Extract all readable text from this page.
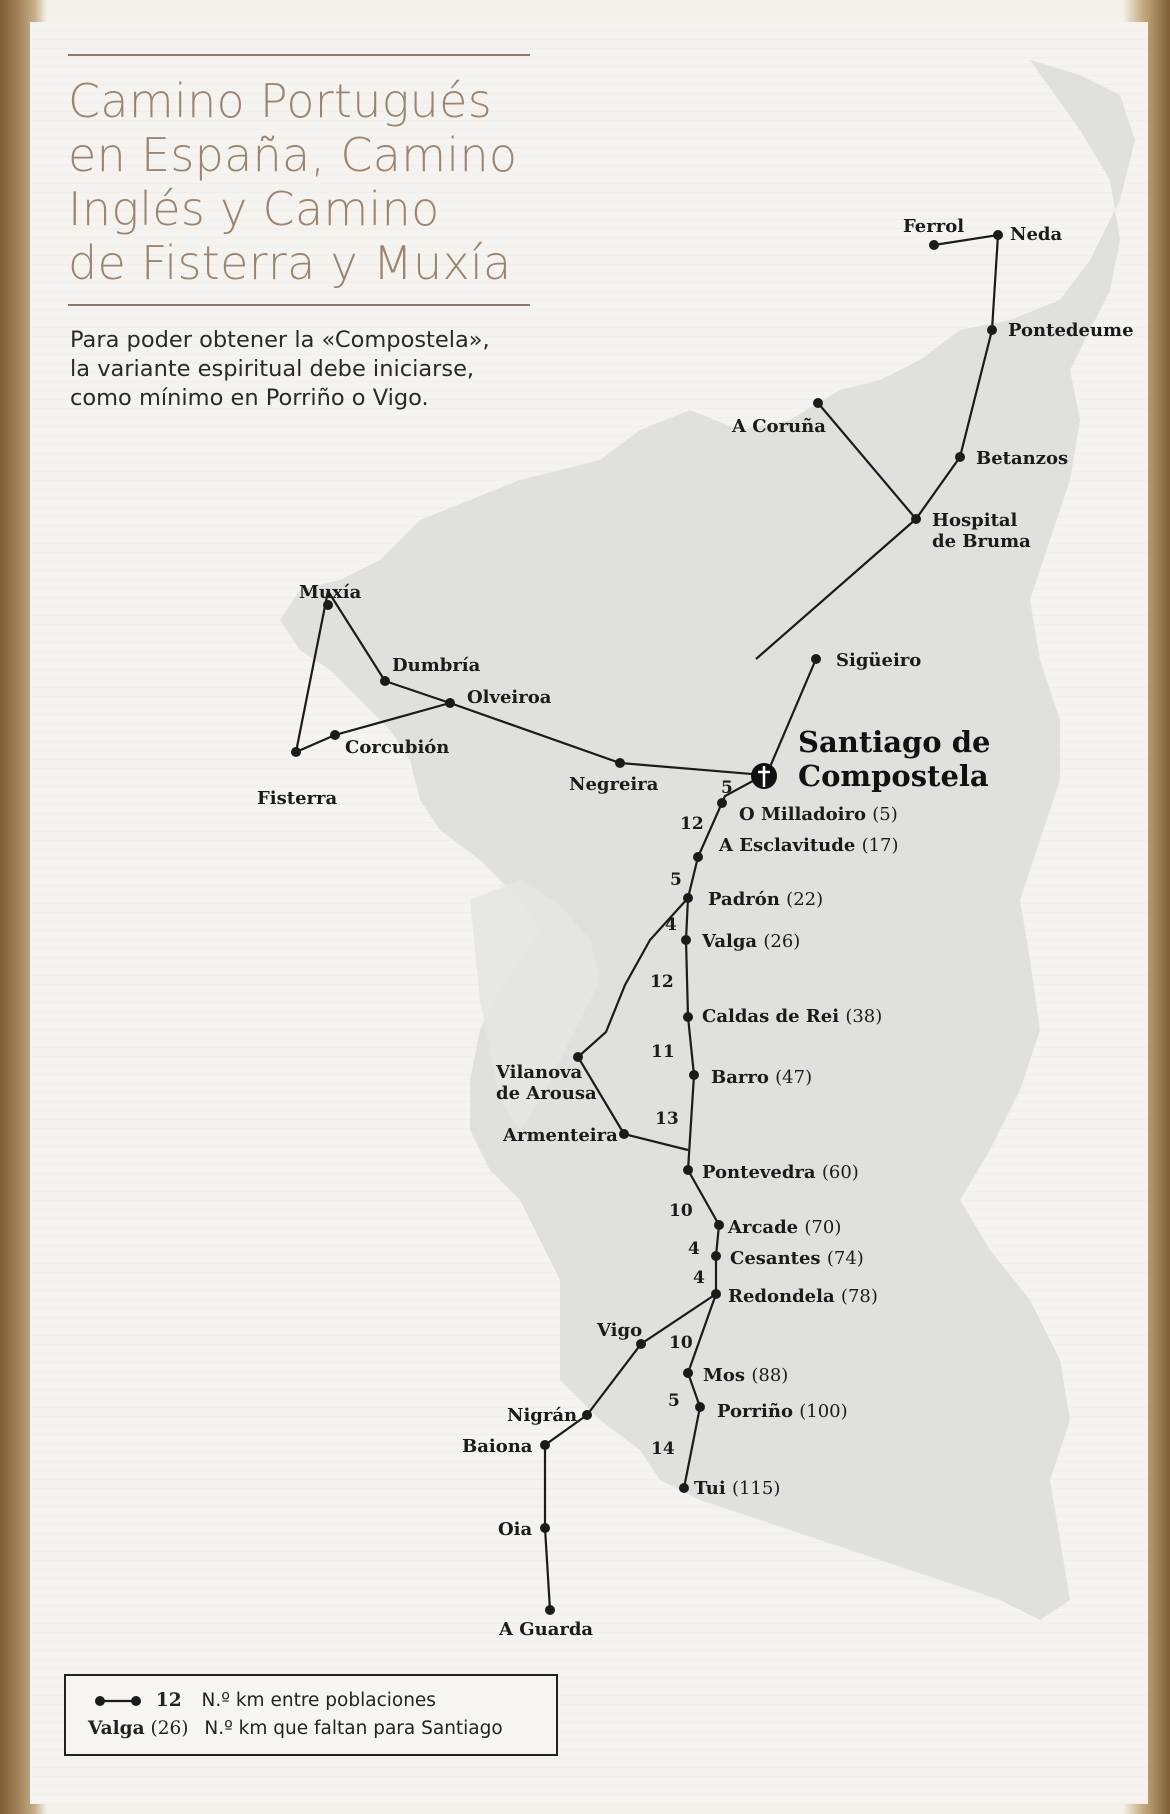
Santiago de
Compostela
Ferrol	Neda
Pontedeume
A Coruña
Betanzos
Hospital
de Bruma
Sigüeiro
Muxía
Dumbría
Olveiroa
Corcubión
Fisterra
Negreira
O Milladoiro (5)
A Esclavitude (17)
Padrón (22)
Valga (26)
Caldas de Rei (38)
Barro (47)
Vilanova
de Arousa
Armenteira
Pontevedra (60)
Arcade (70)
Cesantes (74)
Redondela (78)
Vigo
Mos (88)
Nigrán	Porriño (100)
Baiona
Tui (115)
Oia
A Guarda
5
12
5
4
12
11
13
10
4
4
10
5
14
Camino Portugués
en España, Camino
Inglés y Camino
de Fisterra y Muxía
Para poder obtener la «Compostela»,
la variante espiritual debe iniciarse,
como mínimo en Porriño o Vigo.
12 N.º km entre poblaciones
Valga (26) N.º km que faltan para Santiago
